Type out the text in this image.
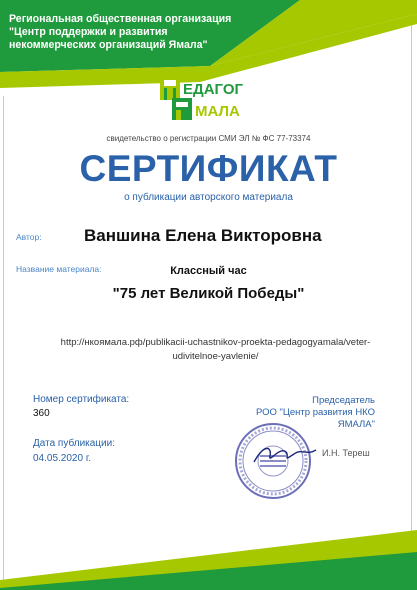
Региональная общественная организация
"Центр поддержки и развития
некоммерческих организаций Ямала"
ЕДАГОГ
МАЛА
свидетельство о регистрации СМИ ЭЛ № ФС 77-73374
СЕРТИФИКАТ
о публикации авторского материала
Автор: Ваншина Елена Викторовна
Название материала:	Классный час
"75 лет Великой Победы"
http://нкоямала.рф/publikacii-uchastnikov-proekta-pedagogyamala/veter-
udivitelnoe-yavlenie/
Номер сертификата:
360
Дата публикации:
04.05.2020 г.
Председатель
РОО "Центр развития НКО
ЯМАЛА"
И.Н. Тереш
